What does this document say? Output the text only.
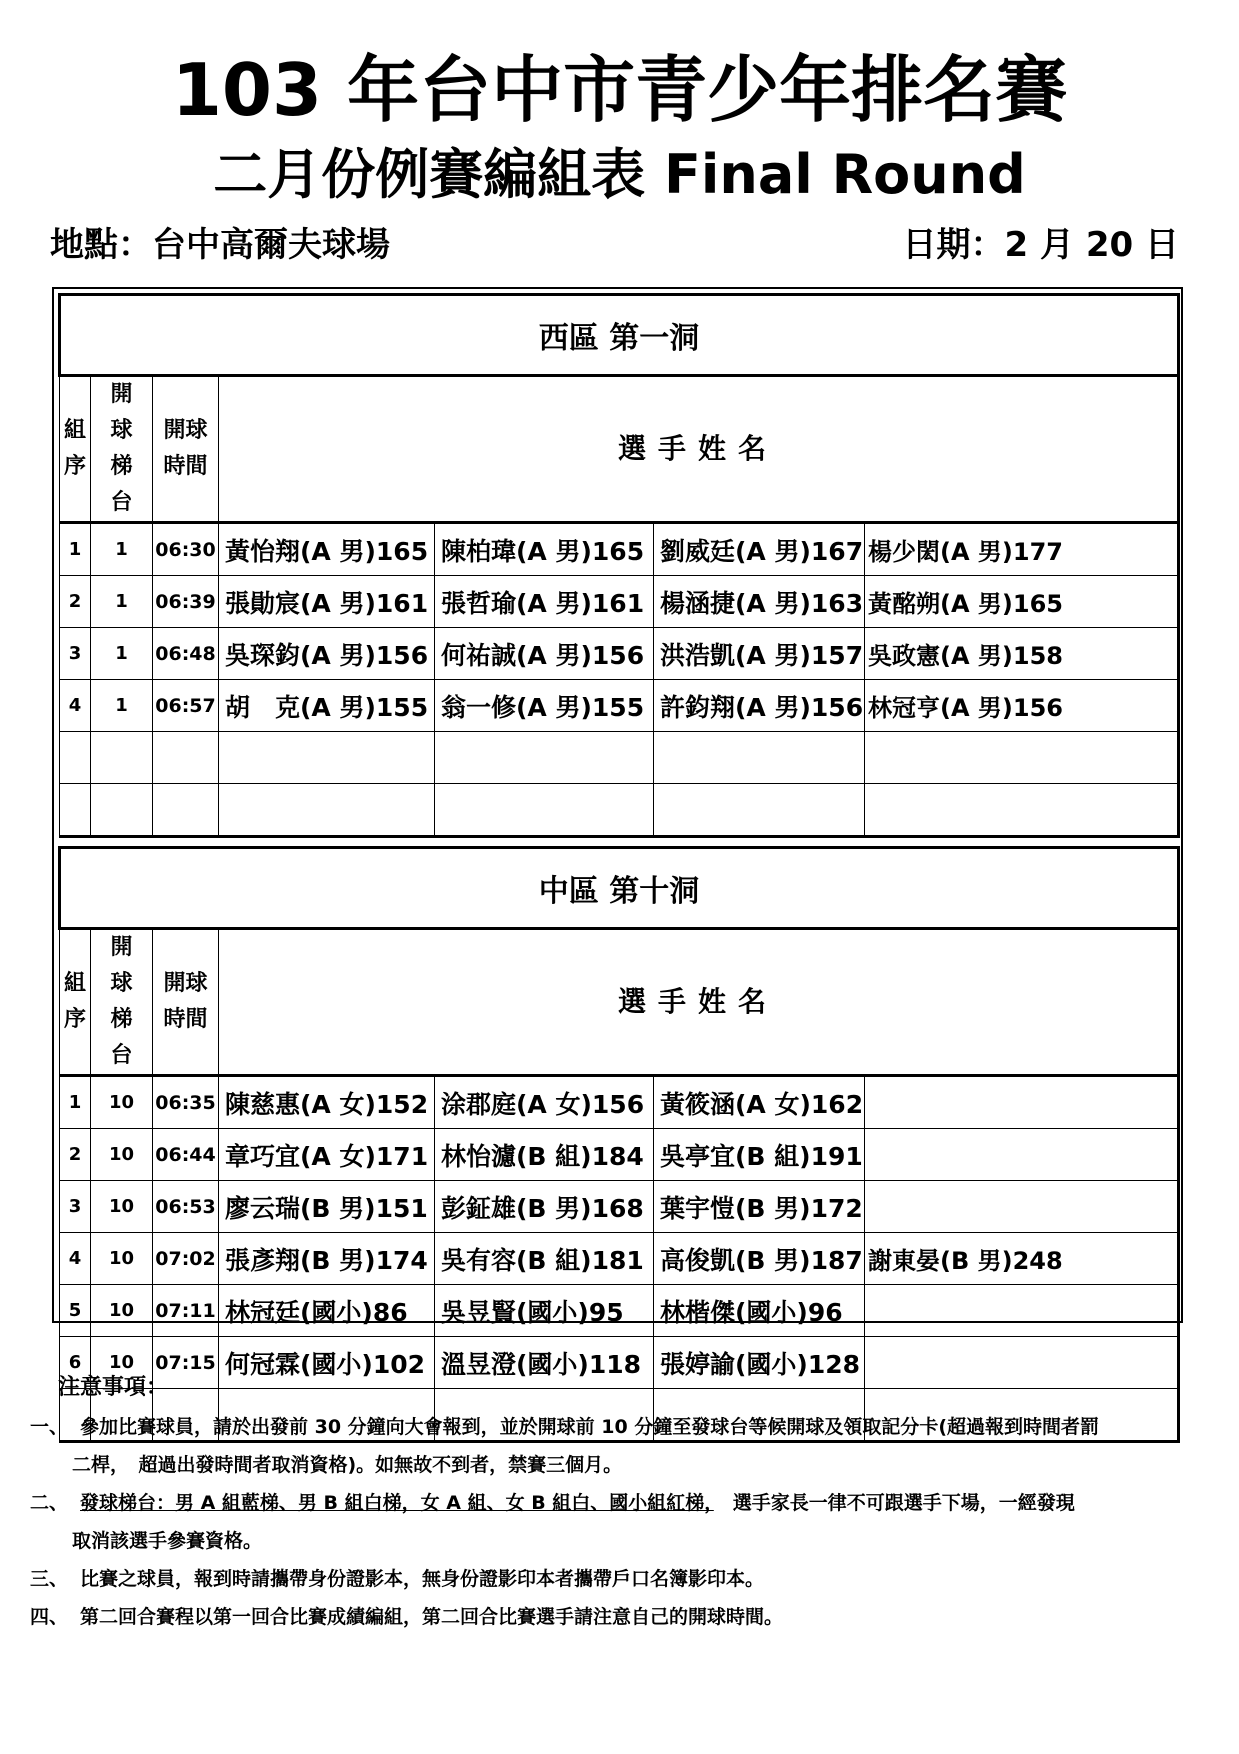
103 年台中市青少年排名賽
二月份例賽編組表 Final Round
地點：台中高爾夫球場	日期：2 月 20 日
西區 第一洞						
組序	開球梯台	開球時間	選手姓名			
1	1	06:30	黃怡翔(A 男)165	陳柏瑋(A 男)165	劉威廷(A 男)167	楊少閎(A 男)177
2	1	06:39	張勛宸(A 男)161	張哲瑜(A 男)161	楊涵捷(A 男)163	黃酩朔(A 男)165
3	1	06:48	吳琛鈞(A 男)156	何祐誠(A 男)156	洪浩凱(A 男)157	吳政憲(A 男)158
4	1	06:57	胡　克(A 男)155	翁一修(A 男)155	許鈞翔(A 男)156	林冠亨(A 男)156

中區 第十洞						
組序	開球梯台	開球時間	選手姓名			
1	10	06:35	陳慈惠(A 女)152	涂郡庭(A 女)156	黃筱涵(A 女)162	
2	10	06:44	章巧宜(A 女)171	林怡濾(B 組)184	吳亭宜(B 組)191	
3	10	06:53	廖云瑞(B 男)151	彭鉦雄(B 男)168	葉宇愷(B 男)172	
4	10	07:02	張彥翔(B 男)174	吳有容(B 組)181	高俊凱(B 男)187	謝東晏(B 男)248
5	10	07:11	林冠廷(國小)86	吳昱賢(國小)95	林楷傑(國小)96	
6	10	07:15	何冠霖(國小)102	溫昱澄(國小)118	張婷諭(國小)128	

注意事項：
一、 參加比賽球員，請於出發前 30 分鐘向大會報到，並於開球前 10 分鐘至發球台等候開球及領取記分卡(超過報到時間者罰
二桿，　超過出發時間者取消資格)。如無故不到者，禁賽三個月。
二、 發球梯台：男 A 組藍梯、男 B 組白梯，女 A 組、女 B 組白、國小組紅梯，　選手家長一律不可跟選手下場，一經發現
取消該選手參賽資格。
三、 比賽之球員，報到時請攜帶身份證影本，無身份證影印本者攜帶戶口名簿影印本。
四、 第二回合賽程以第一回合比賽成績編組，第二回合比賽選手請注意自己的開球時間。
